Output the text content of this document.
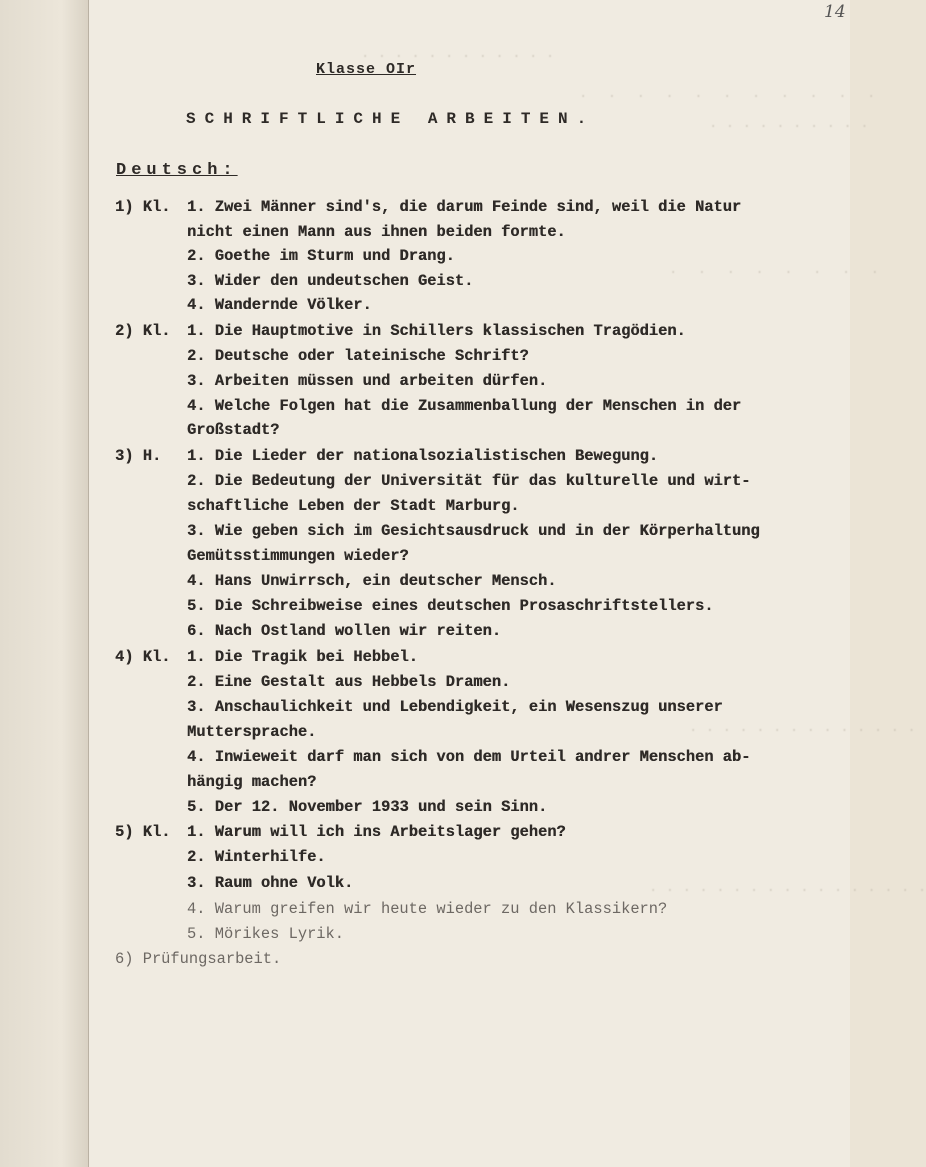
. . . . . . . . . . . .
. . . . . . . . . . .
. . . . . . . . . .
. . . . . . . .
. . . . . . . . . . . . . .
. . . . . . . . . . . . . . . . .
14
Klasse OIr
SCHRIFTLICHE ARBEITEN.
Deutsch:
1) Kl. 1. Zwei Männer sind's, die darum Feinde sind, weil die Natur
nicht einen Mann aus ihnen beiden formte.
2. Goethe im Sturm und Drang.
3. Wider den undeutschen Geist.
4. Wandernde Völker.
2) Kl. 1. Die Hauptmotive in Schillers klassischen Tragödien.
2. Deutsche oder lateinische Schrift?
3. Arbeiten müssen und arbeiten dürfen.
4. Welche Folgen hat die Zusammenballung der Menschen in der
Großstadt?
3) H. 1. Die Lieder der nationalsozialistischen Bewegung.
2. Die Bedeutung der Universität für das kulturelle und wirt-
schaftliche Leben der Stadt Marburg.
3. Wie geben sich im Gesichtsausdruck und in der Körperhaltung
Gemütsstimmungen wieder?
4. Hans Unwirrsch, ein deutscher Mensch.
5. Die Schreibweise eines deutschen Prosaschriftstellers.
6. Nach Ostland wollen wir reiten.
4) Kl. 1. Die Tragik bei Hebbel.
2. Eine Gestalt aus Hebbels Dramen.
3. Anschaulichkeit und Lebendigkeit, ein Wesenszug unserer
Muttersprache.
4. Inwieweit darf man sich von dem Urteil andrer Menschen ab-
hängig machen?
5. Der 12. November 1933 und sein Sinn.
5) Kl. 1. Warum will ich ins Arbeitslager gehen?
2. Winterhilfe.
3. Raum ohne Volk.
4. Warum greifen wir heute wieder zu den Klassikern?
5. Mörikes Lyrik.
6) Prüfungsarbeit.
